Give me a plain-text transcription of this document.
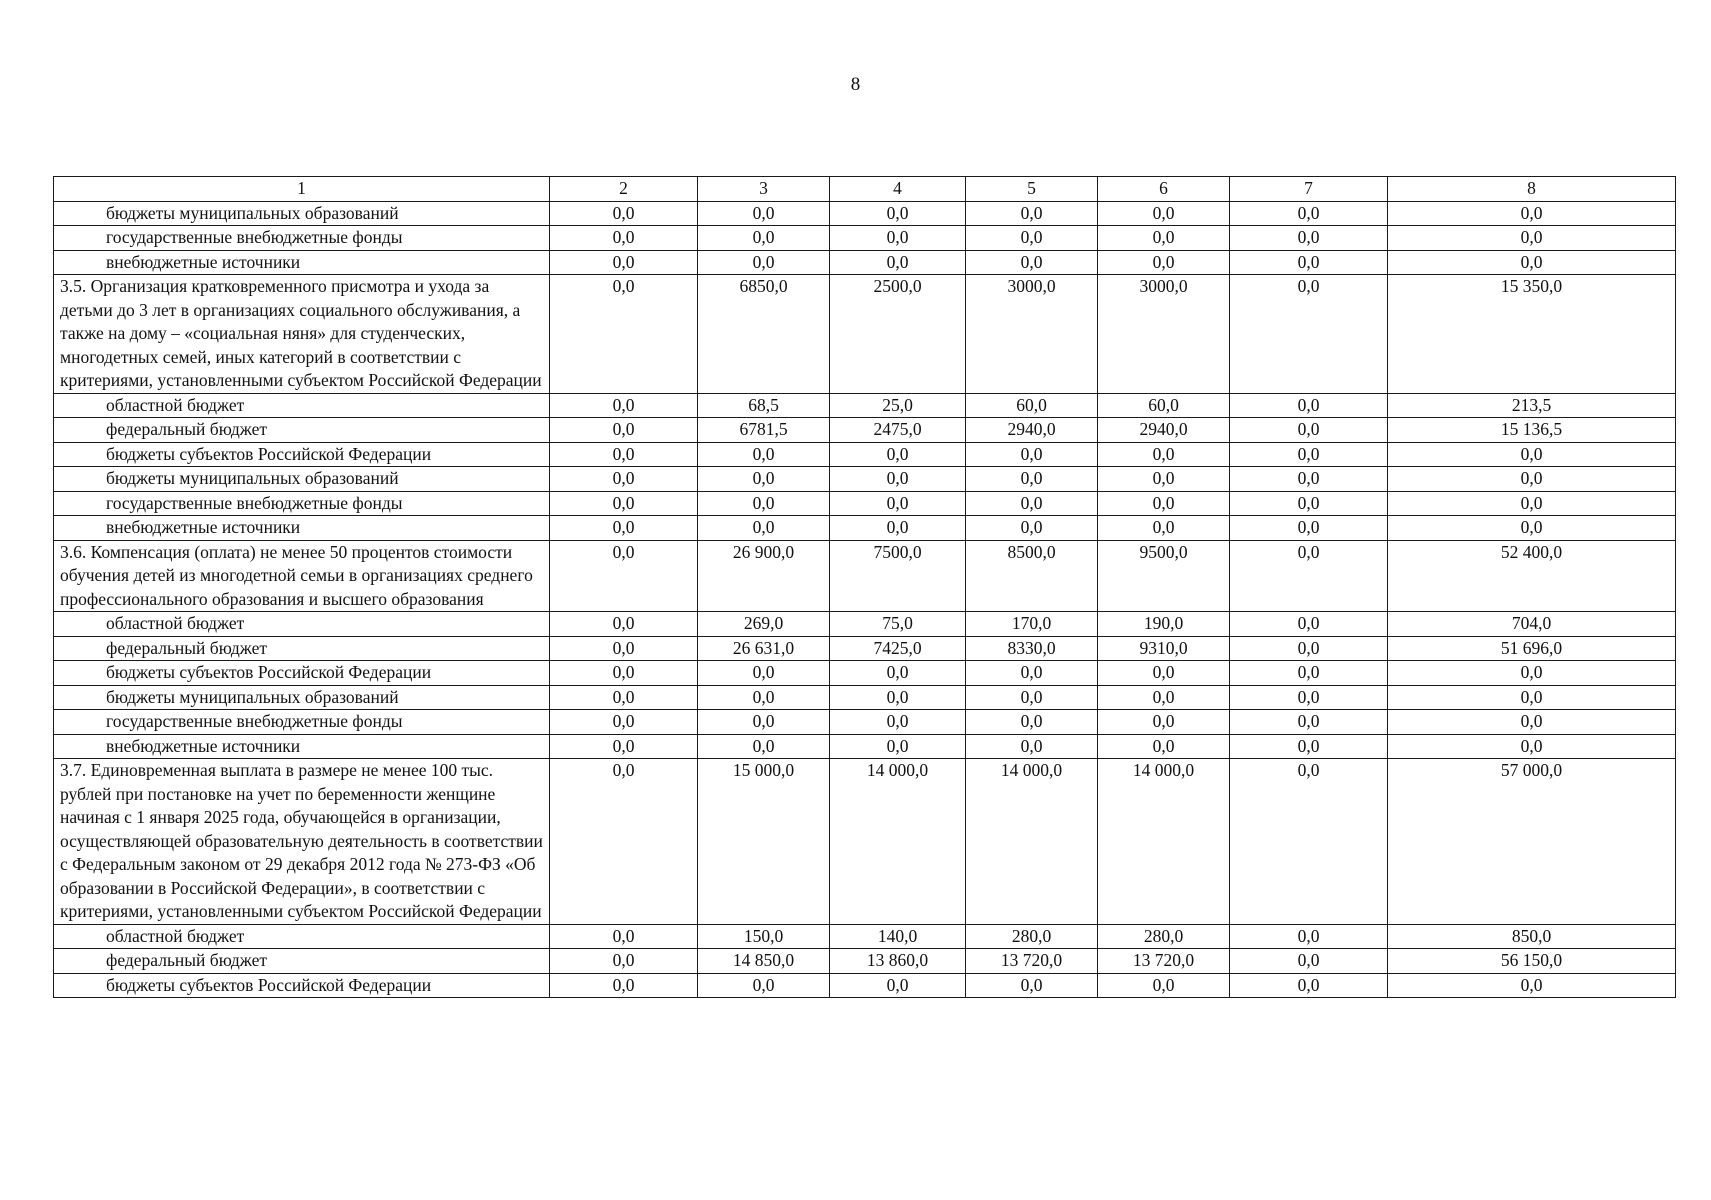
8
1	2	3	4	5	6	7	8
бюджеты муниципальных образований	0,0	0,0	0,0	0,0	0,0	0,0	0,0
государственные внебюджетные фонды	0,0	0,0	0,0	0,0	0,0	0,0	0,0
внебюджетные источники	0,0	0,0	0,0	0,0	0,0	0,0	0,0
3.5. Организация кратковременного присмотра и ухода за детьми до 3 лет в организациях социального обслуживания, а также на дому – «социальная няня» для студенческих, многодетных семей, иных категорий в соответствии с критериями, установленными субъектом Российской Федерации	0,0	6850,0	2500,0	3000,0	3000,0	0,0	15 350,0
областной бюджет	0,0	68,5	25,0	60,0	60,0	0,0	213,5
федеральный бюджет	0,0	6781,5	2475,0	2940,0	2940,0	0,0	15 136,5
бюджеты субъектов Российской Федерации	0,0	0,0	0,0	0,0	0,0	0,0	0,0
бюджеты муниципальных образований	0,0	0,0	0,0	0,0	0,0	0,0	0,0
государственные внебюджетные фонды	0,0	0,0	0,0	0,0	0,0	0,0	0,0
внебюджетные источники	0,0	0,0	0,0	0,0	0,0	0,0	0,0
3.6. Компенсация (оплата) не менее 50 процентов стоимости обучения детей из многодетной семьи в организациях среднего профессионального образования и высшего образования	0,0	26 900,0	7500,0	8500,0	9500,0	0,0	52 400,0
областной бюджет	0,0	269,0	75,0	170,0	190,0	0,0	704,0
федеральный бюджет	0,0	26 631,0	7425,0	8330,0	9310,0	0,0	51 696,0
бюджеты субъектов Российской Федерации	0,0	0,0	0,0	0,0	0,0	0,0	0,0
бюджеты муниципальных образований	0,0	0,0	0,0	0,0	0,0	0,0	0,0
государственные внебюджетные фонды	0,0	0,0	0,0	0,0	0,0	0,0	0,0
внебюджетные источники	0,0	0,0	0,0	0,0	0,0	0,0	0,0
3.7. Единовременная выплата в размере не менее 100 тыс. рублей при постановке на учет по беременности женщине начиная с 1 января 2025 года, обучающейся в организации, осуществляющей образовательную деятельность в соответствии с Федеральным законом от 29 декабря 2012 года № 273-ФЗ «Об образовании в Российской Федерации», в соответствии с критериями, установленными субъектом Российской Федерации	0,0	15 000,0	14 000,0	14 000,0	14 000,0	0,0	57 000,0
областной бюджет	0,0	150,0	140,0	280,0	280,0	0,0	850,0
федеральный бюджет	0,0	14 850,0	13 860,0	13 720,0	13 720,0	0,0	56 150,0
бюджеты субъектов Российской Федерации	0,0	0,0	0,0	0,0	0,0	0,0	0,0
